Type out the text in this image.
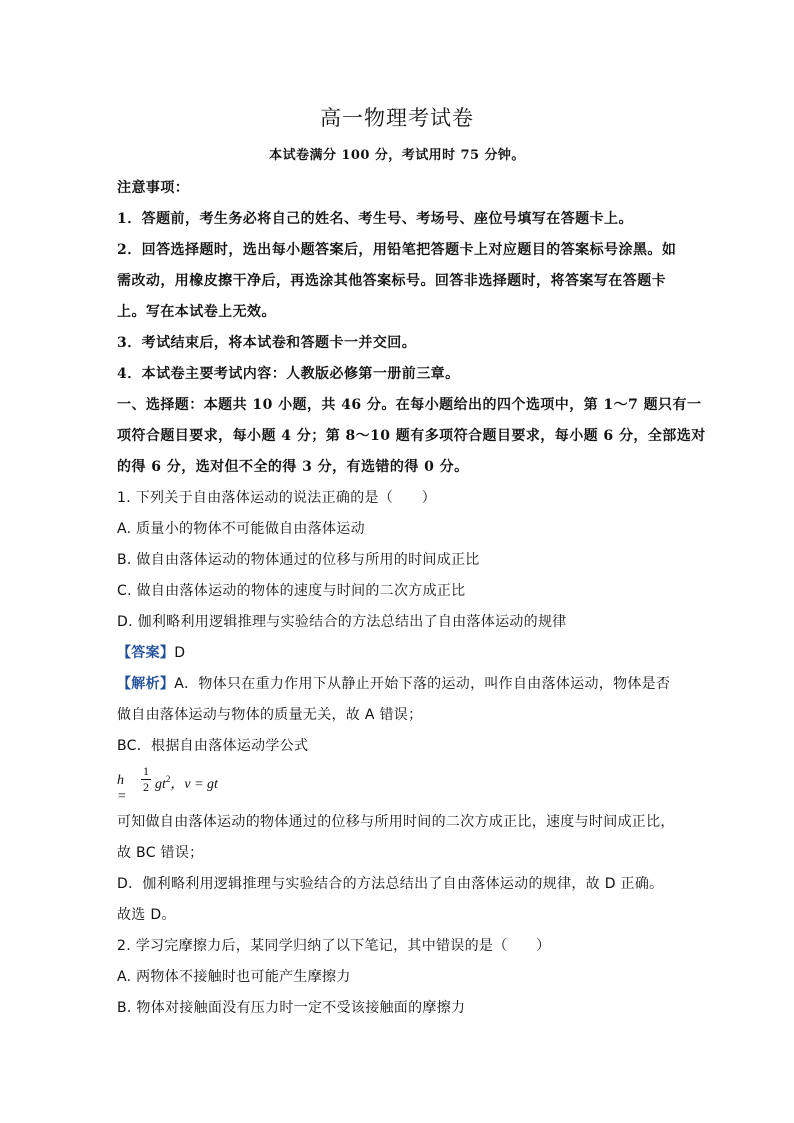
高一物理考试卷
本试卷满分 100 分，考试用时 75 分钟。
注意事项：
1．答题前，考生务必将自己的姓名、考生号、考场号、座位号填写在答题卡上。
2．回答选择题时，选出每小题答案后，用铅笔把答题卡上对应题目的答案标号涂黑。如
需改动，用橡皮擦干净后，再选涂其他答案标号。回答非选择题时，将答案写在答题卡
上。写在本试卷上无效。
3．考试结束后，将本试卷和答题卡一并交回。
4．本试卷主要考试内容：人教版必修第一册前三章。
一、选择题：本题共 10 小题，共 46 分。在每小题给出的四个选项中，第 1～7 题只有一
项符合题目要求，每小题 4 分；第 8～10 题有多项符合题目要求，每小题 6 分，全部选对
的得 6 分，选对但不全的得 3 分，有选错的得 0 分。
1. 下列关于自由落体运动的说法正确的是（　　）
A. 质量小的物体不可能做自由落体运动
B. 做自由落体运动的物体通过的位移与所用的时间成正比
C. 做自由落体运动的物体的速度与时间的二次方成正比
D. 伽利略利用逻辑推理与实验结合的方法总结出了自由落体运动的规律
【答案】D
【解析】A．物体只在重力作用下从静止开始下落的运动，叫作自由落体运动，物体是否
做自由落体运动与物体的质量无关，故 A 错误；
BC．根据自由落体运动学公式
h =
1
2 $gt^2$，v = gt
可知做自由落体运动的物体通过的位移与所用时间的二次方成正比，速度与时间成正比，
故 BC 错误；
D．伽利略利用逻辑推理与实验结合的方法总结出了自由落体运动的规律，故 D 正确。
故选 D。
2. 学习完摩擦力后，某同学归纳了以下笔记，其中错误的是（　　）
A. 两物体不接触时也可能产生摩擦力
B. 物体对接触面没有压力时一定不受该接触面的摩擦力
